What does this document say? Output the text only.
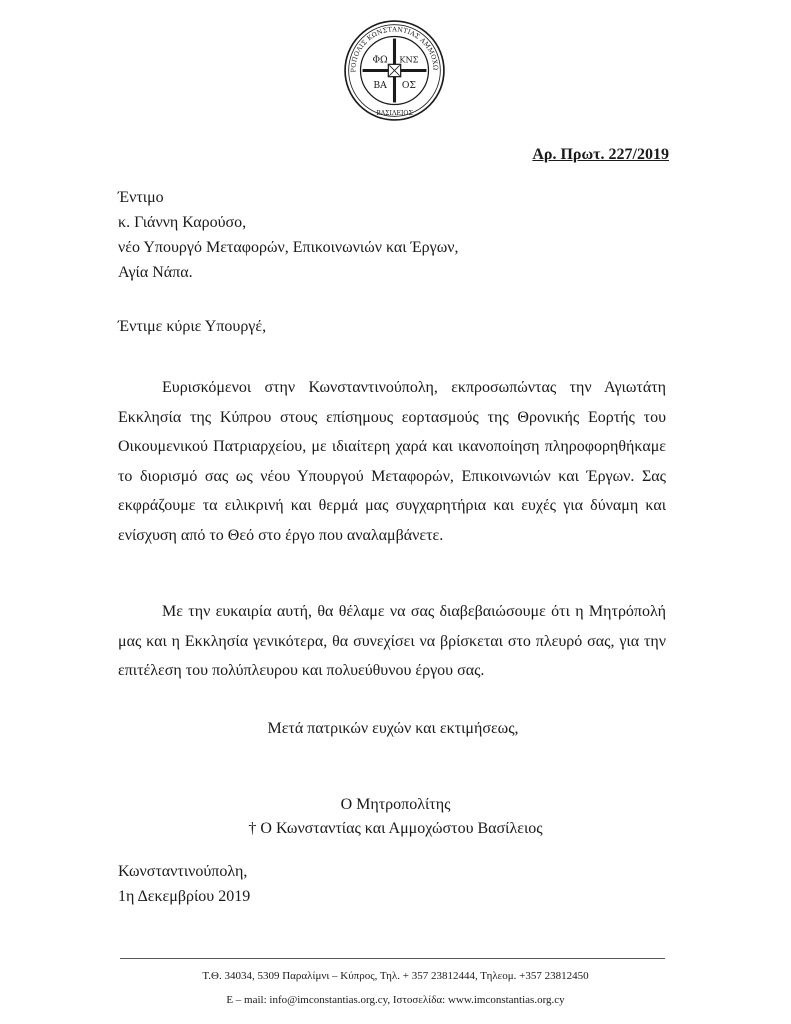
ΡΟΠΟΛΙΣ ΚΩΝΣΤΑΝΤΙΑΣ ΑΜΜΟΧΩ
ΒΑΣΙΛΕΙΟΣ
ΦΩ ΚΝΣ
ΒΑ ΟΣ
Αρ. Πρωτ. 227/2019
Έντιμο
κ. Γιάννη Καρούσο,
νέο Υπουργό Μεταφορών, Επικοινωνιών και Έργων,
Αγία Νάπα.
Έντιμε κύριε Υπουργέ,
Ευρισκόμενοι στην Κωνσταντινούπολη, εκπροσωπώντας την Αγιωτάτη Εκκλησία της Κύπρου στους επίσημους εορτασμούς της Θρονικής Εορτής του Οικουμενικού Πατριαρχείου, με ιδιαίτερη χαρά και ικανοποίηση πληροφορηθήκαμε το διορισμό σας ως νέου Υπουργού Μεταφορών, Επικοινωνιών και Έργων. Σας εκφράζουμε τα ειλικρινή και θερμά μας συγχαρητήρια και ευχές για δύναμη και ενίσχυση από το Θεό στο έργο που αναλαμβάνετε.
Με την ευκαιρία αυτή, θα θέλαμε να σας διαβεβαιώσουμε ότι η Μητρόπολή μας και η Εκκλησία γενικότερα, θα συνεχίσει να βρίσκεται στο πλευρό σας, για την επιτέλεση του πολύπλευρου και πολυεύθυνου έργου σας.
Μετά πατρικών ευχών και εκτιμήσεως,
Ο Μητροπολίτης
† Ο Κωνσταντίας και Αμμοχώστου Βασίλειος
Κωνσταντινούπολη,
1η Δεκεμβρίου 2019
Τ.Θ. 34034, 5309 Παραλίμνι – Κύπρος, Τηλ. + 357 23812444, Τηλεομ. +357 23812450
E – mail: info@imconstantias.org.cy, Ιστοσελίδα: www.imconstantias.org.cy
